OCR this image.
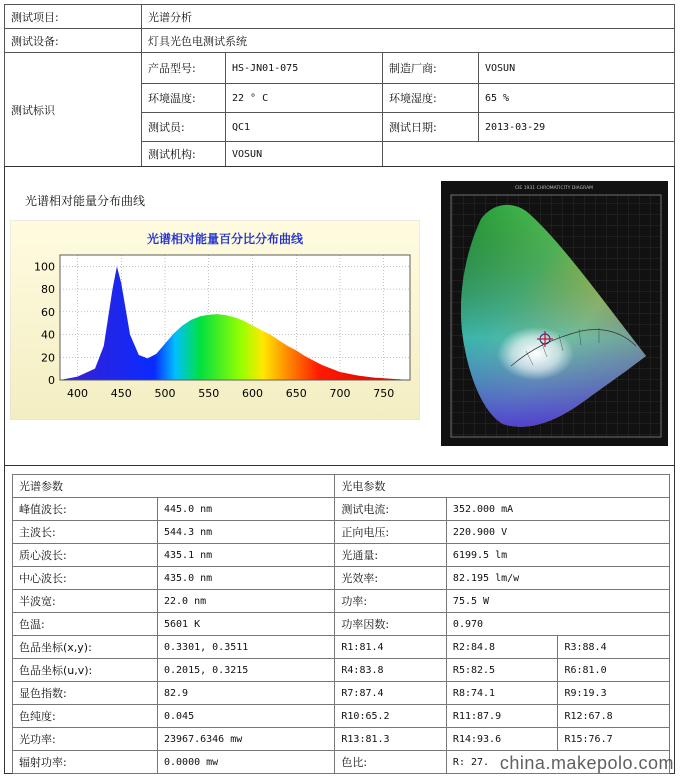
测试项目:	光谱分析			
测试设备:	灯具光色电测试系统			
测试标识	产品型号:	HS-JN01-075	制造厂商:	VOSUN
	环境温度:	22 ° C	环境湿度:	65 %
	测试员:	QC1	测试日期:	2013-03-29
	测试机构:	VOSUN		
光谱相对能量分布曲线
光谱相对能量百分比分布曲线
0
20
40
60
80
100
400 450 500 550 600 650 700 750
CIE 1931 CHROMATICITY DIAGRAM
光谱参数		光电参数		
峰值波长:	445.0 nm	测试电流:	352.000 mA	
主波长:	544.3 nm	正向电压:	220.900 V	
质心波长:	435.1 nm	光通量:	6199.5 lm	
中心波长:	435.0 nm	光效率:	82.195 lm/w	
半波宽:	22.0 nm	功率:	75.5 W	
色温:	5601 K	功率因数:	0.970	
色品坐标(x,y):	0.3301, 0.3511	R1:81.4	R2:84.8	R3:88.4
色品坐标(u,v):	0.2015, 0.3215	R4:83.8	R5:82.5	R6:81.0
显色指数:	82.9	R7:87.4	R8:74.1	R9:19.3
色纯度:	0.045	R10:65.2	R11:87.9	R12:67.8
光功率:	23967.6346 mw	R13:81.3	R14:93.6	R15:76.7
辐射功率:	0.0000 mw	色比:	R: 27.	china.makepolo.com
